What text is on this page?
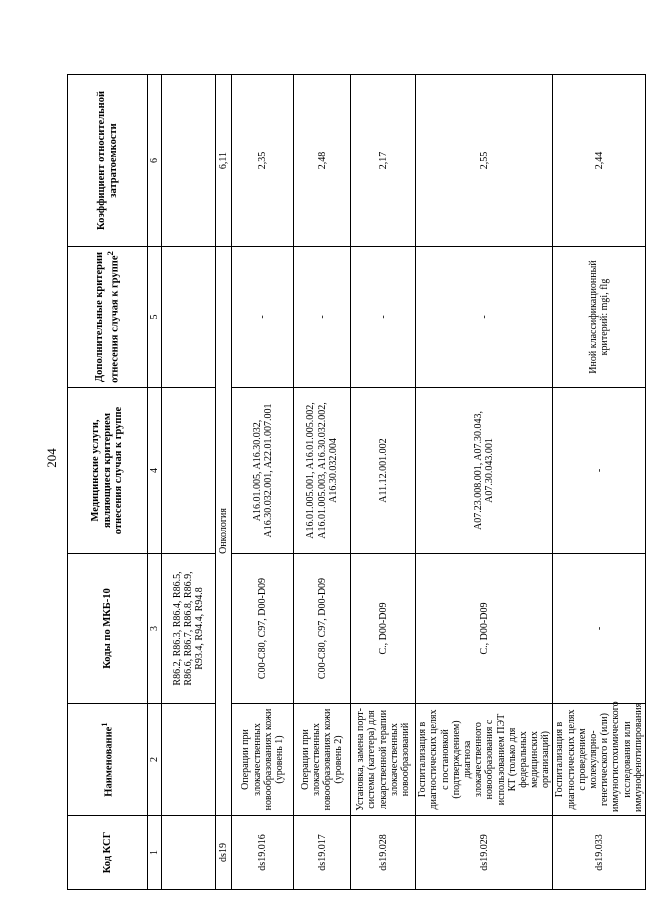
204
Код КСГ	Наименование$^1$	Коды по МКБ-10	Медицинские услуги, являющиеся критерием отнесения случая к группе	Дополнительные критерии отнесения случая к группе$^2$	Коэффициент относительной затратоемкости
1	2	3	4	5	6
		R86.2, R86.3, R86.4, R86.5, R86.6, R86.7, R86.8, R86.9, R93.4, R94.4, R94.8			
ds19	Онкология				6,11
ds19.016	Операции при злокачественных новообразованиях кожи (уровень 1)	C00-C80, C97, D00-D09	A16.01.005, A16.30.032, A16.30.032.001, A22.01.007.001	-	2,35
ds19.017	Операции при злокачественных новообразованиях кожи (уровень 2)	C00-C80, C97, D00-D09	A16.01.005.001, A16.01.005.002, A16.01.005.003, A16.30.032.002, A16.30.032.004	-	2,48
ds19.028	Установка, замена порт-системы (катетера) для лекарственной терапии злокачественных новообразований	C., D00-D09	A11.12.001.002	-	2,17
ds19.029	Госпитализация в диагностических целях с постановкой (подтверждением) диагноза злокачественного новообразования с использованием ПЭТ КТ (только для федеральных медицинских организаций)	C., D00-D09	A07.23.008.001, A07.30.043, A07.30.043.001	-	2,55
ds19.033	Госпитализация в диагностических целях с проведением молекулярно-генетического и (или) иммуногистохимического исследования или иммунофенотипирования	-	-	Иной классификационный критерий: mgi, flg	2,44
